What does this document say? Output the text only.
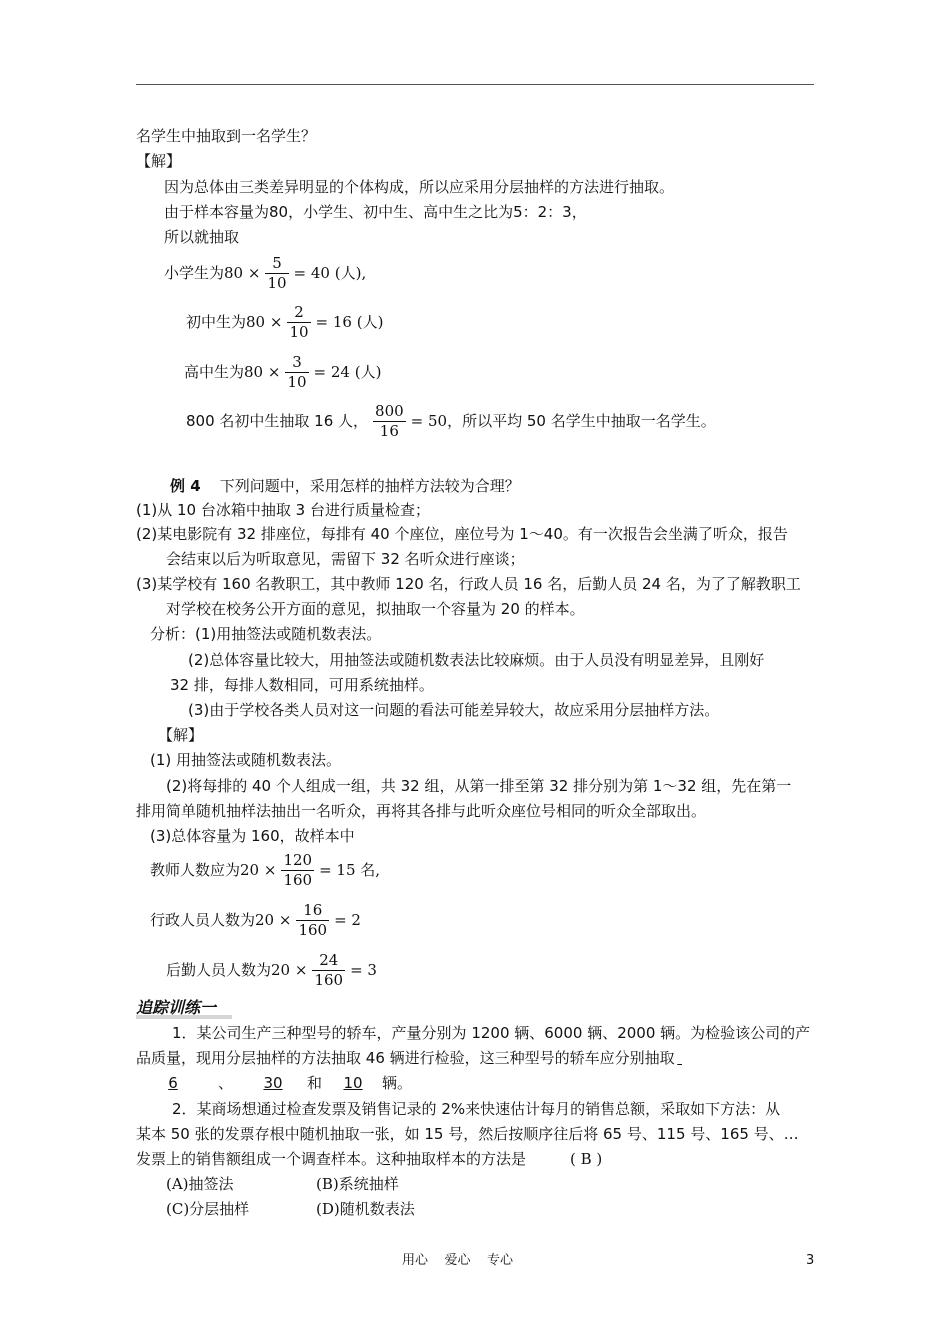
名学生中抽取到一名学生？
【解】
因为总体由三类差异明显的个体构成，所以应采用分层抽样的方法进行抽取。
由于样本容量为80，小学生、初中生、高中生之比为5：2：3，
所以就抽取
小学生为$80 \times \frac{5}{10} = 40$ (人),
初中生为$80 \times \frac{2}{10} = 16$ (人)
高中生为$80 \times \frac{3}{10} = 24$ (人)
800 名初中生抽取 16 人， $\frac{800}{16} = 50$，所以平均 50 名学生中抽取一名学生。
例 4 下列问题中，采用怎样的抽样方法较为合理？
(1)从 10 台冰箱中抽取 3 台进行质量检查；
(2)某电影院有 32 排座位，每排有 40 个座位，座位号为 1～40。有一次报告会坐满了听众，报告
会结束以后为听取意见，需留下 32 名听众进行座谈；
(3)某学校有 160 名教职工，其中教师 120 名，行政人员 16 名，后勤人员 24 名，为了了解教职工
对学校在校务公开方面的意见，拟抽取一个容量为 20 的样本。
分析：(1)用抽签法或随机数表法。
(2)总体容量比较大，用抽签法或随机数表法比较麻烦。由于人员没有明显差异，且刚好
32 排，每排人数相同，可用系统抽样。
(3)由于学校各类人员对这一问题的看法可能差异较大，故应采用分层抽样方法。
【解】
(1) 用抽签法或随机数表法。
(2)将每排的 40 个人组成一组，共 32 组，从第一排至第 32 排分别为第 1～32 组，先在第一
排用简单随机抽样法抽出一名听众，再将其各排与此听众座位号相同的听众全部取出。
(3)总体容量为 160，故样本中
教师人数应为$20 \times \frac{120}{160} = 15$ 名,
行政人员人数为$20 \times \frac{16}{160} = 2$
后勤人员人数为$20 \times \frac{24}{160} = 3$
追踪训练一
1．某公司生产三种型号的轿车，产量分别为 1200 辆、6000 辆、2000 辆。为检验该公司的产
品质量，现用分层抽样的方法抽取 46 辆进行检验，这三种型号的轿车应分别抽取
6	、 30 和 10 辆。
2．某商场想通过检查发票及销售记录的 2%来快速估计每月的销售总额，采取如下方法：从
某本 50 张的发票存根中随机抽取一张，如 15 号，然后按顺序往后将 65 号、115 号、165 号、…
发票上的销售额组成一个调查样本。这种抽取样本的方法是	( B )
(A)抽签法	(B)系统抽样
(C)分层抽样	(D)随机数表法
用心    爱心    专心	3
